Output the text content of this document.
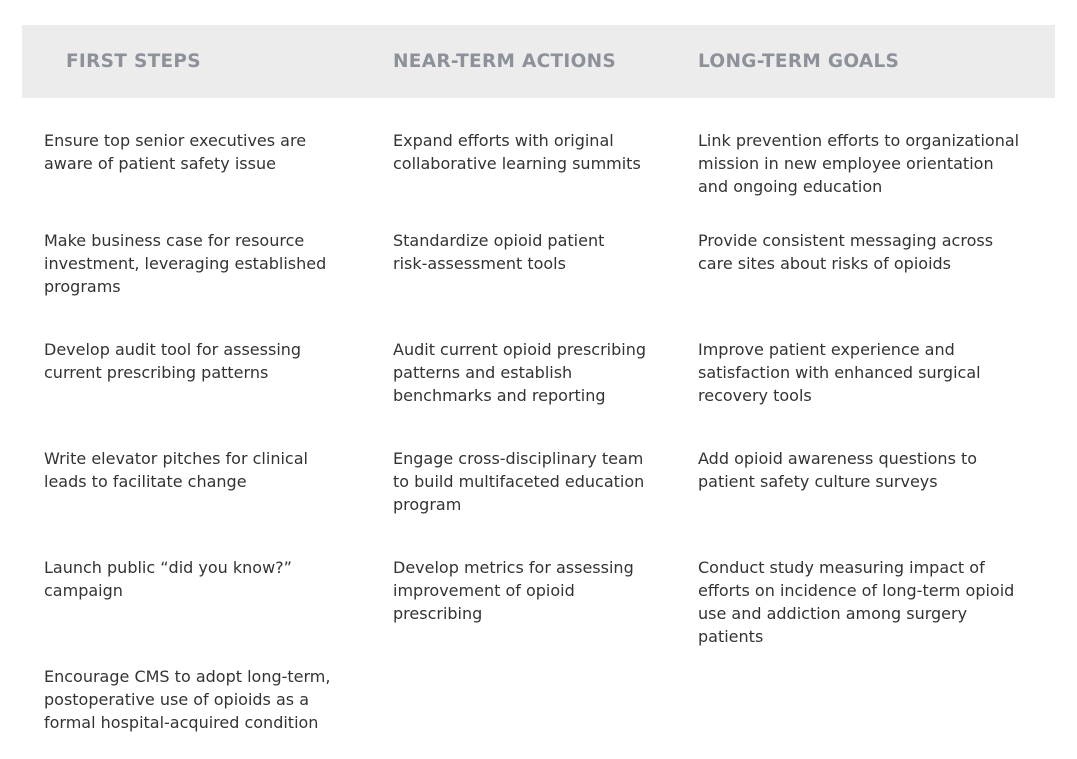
FIRST STEPS	NEAR-TERM ACTIONS	LONG-TERM GOALS
Ensure top senior executives are
aware of patient safety issue
Make business case for resource
investment, leveraging established
programs
Develop audit tool for assessing
current prescribing patterns
Write elevator pitches for clinical
leads to facilitate change
Launch public “did you know?”
campaign
Encourage CMS to adopt long-term,
postoperative use of opioids as a
formal hospital-acquired condition
Expand efforts with original
collaborative learning summits
Standardize opioid patient
risk-assessment tools
Audit current opioid prescribing
patterns and establish
benchmarks and reporting
Engage cross-disciplinary team
to build multifaceted education
program
Develop metrics for assessing
improvement of opioid
prescribing
Link prevention efforts to organizational
mission in new employee orientation
and ongoing education
Provide consistent messaging across
care sites about risks of opioids
Improve patient experience and
satisfaction with enhanced surgical
recovery tools
Add opioid awareness questions to
patient safety culture surveys
Conduct study measuring impact of
efforts on incidence of long-term opioid
use and addiction among surgery
patients
